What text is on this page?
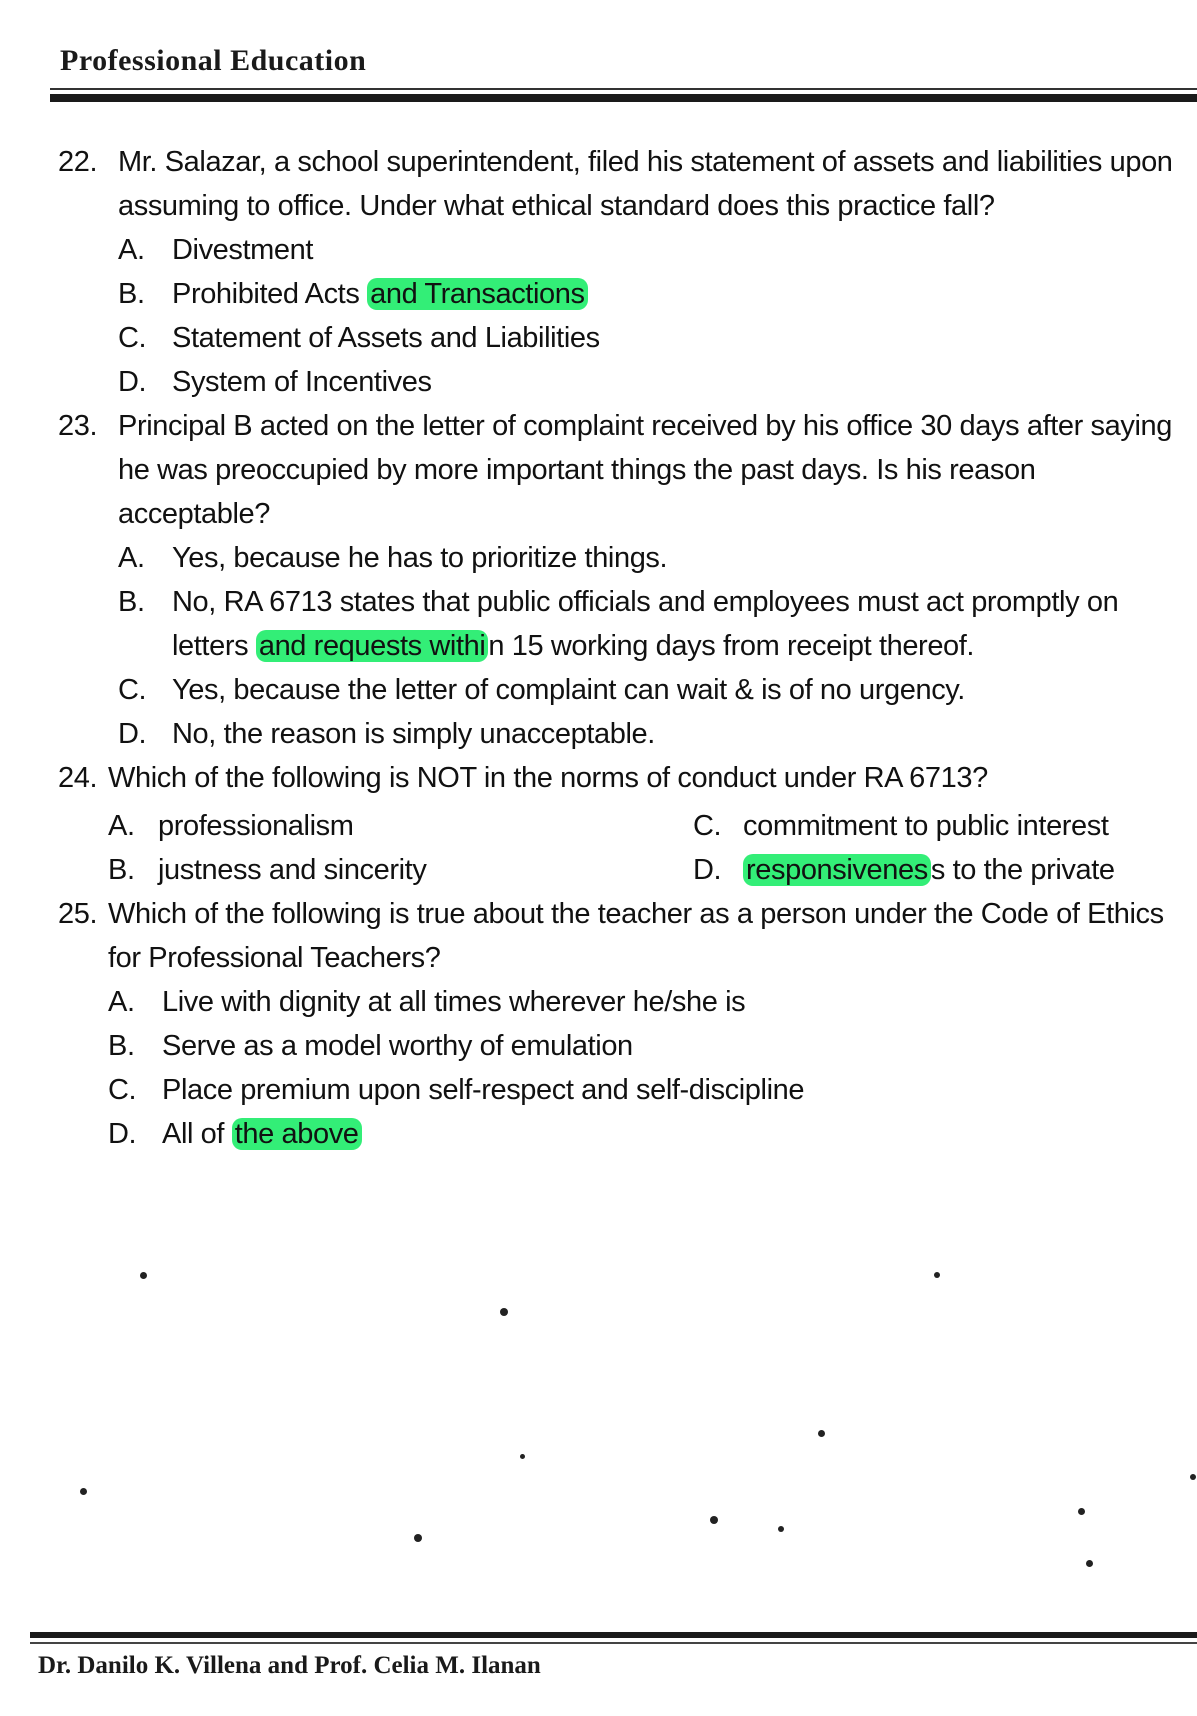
Professional Education
22. Mr. Salazar, a school superintendent, filed his statement of assets and liabilities upon assuming to office. Under what ethical standard does this practice fall?
A. Divestment
B. Prohibited Acts and Transactions
C. Statement of Assets and Liabilities
D. System of Incentives
23. Principal B acted on the letter of complaint received by his office 30 days after saying he was preoccupied by more important things the past days. Is his reason acceptable?
A. Yes, because he has to prioritize things.
B. No, RA 6713 states that public officials and employees must act promptly on letters and requests withi n 15 working days from receipt thereof.
C. Yes, because the letter of complaint can wait & is of no urgency.
D. No, the reason is simply unacceptable.
24. Which of the following is NOT in the norms of conduct under RA 6713?
A. professionalism	C. commitment to public interest
B. justness and sincerity	D. responsivenes s to the private
25. Which of the following is true about the teacher as a person under the Code of Ethics for Professional Teachers?
A. Live with dignity at all times wherever he/she is
B. Serve as a model worthy of emulation
C. Place premium upon self-respect and self-discipline
D. All of the above
Dr. Danilo K. Villena and Prof. Celia M. Ilanan
